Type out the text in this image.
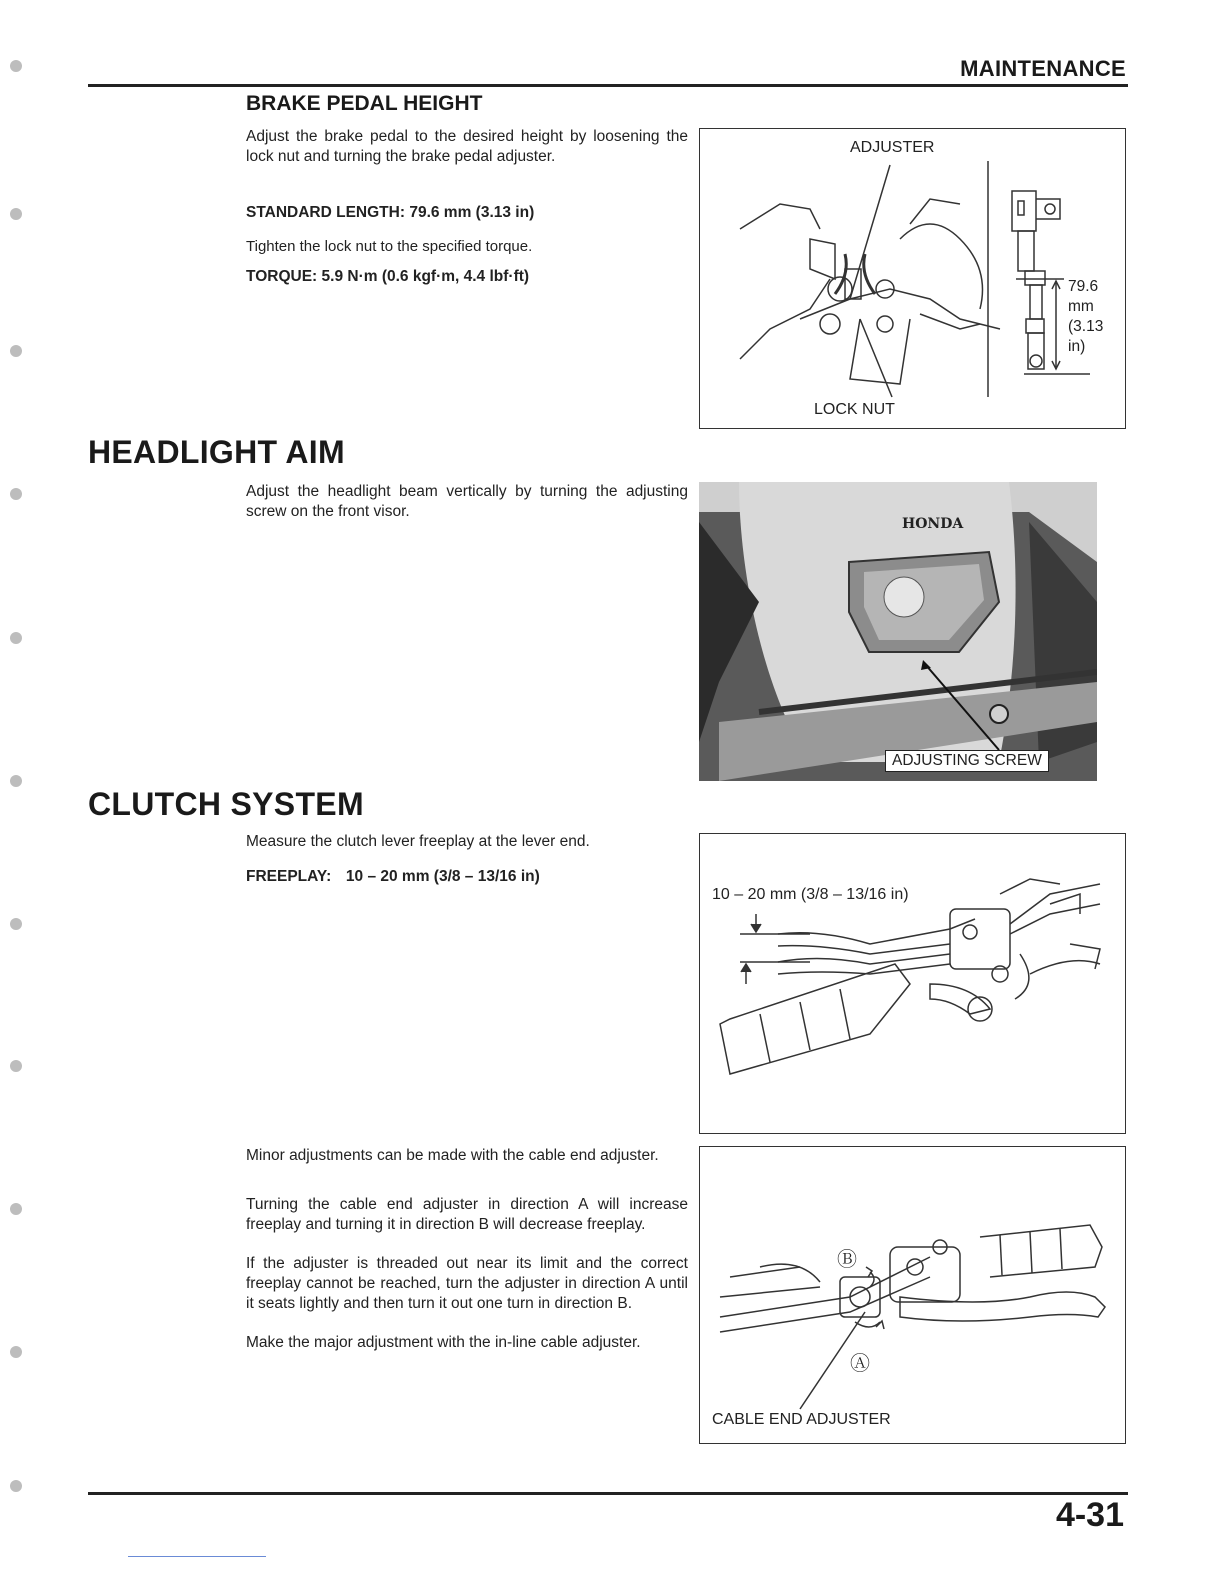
MAINTENANCE
BRAKE PEDAL HEIGHT

Adjust the brake pedal to the desired height by loosening the lock nut and turning the brake pedal adjuster.

STANDARD LENGTH: 79.6 mm (3.13 in)

Tighten the lock nut to the specified torque.

TORQUE: 5.9 N·m (0.6 kgf·m, 4.4 lbf·ft)

ADJUSTER
LOCK NUT
79.6
mm
(3.13
in)
HEADLIGHT AIM

Adjust the headlight beam vertically by turning the adjusting screw on the front visor.

HONDA
ADJUSTING SCREW
CLUTCH SYSTEM

Measure the clutch lever freeplay at the lever end.

FREEPLAY: 10 – 20 mm (3/8 – 13/16 in)

10 – 20 mm (3/8 – 13/16 in)

Minor adjustments can be made with the cable end adjuster.

Turning the cable end adjuster in direction A will increase freeplay and turning it in direction B will decrease freeplay.

If the adjuster is threaded out near its limit and the correct freeplay cannot be reached, turn the adjuster in direction A until it seats lightly and then turn it out one turn in direction B.

Make the major adjustment with the in-line cable adjuster.

Ⓑ
Ⓐ
CABLE END ADJUSTER
4-31
